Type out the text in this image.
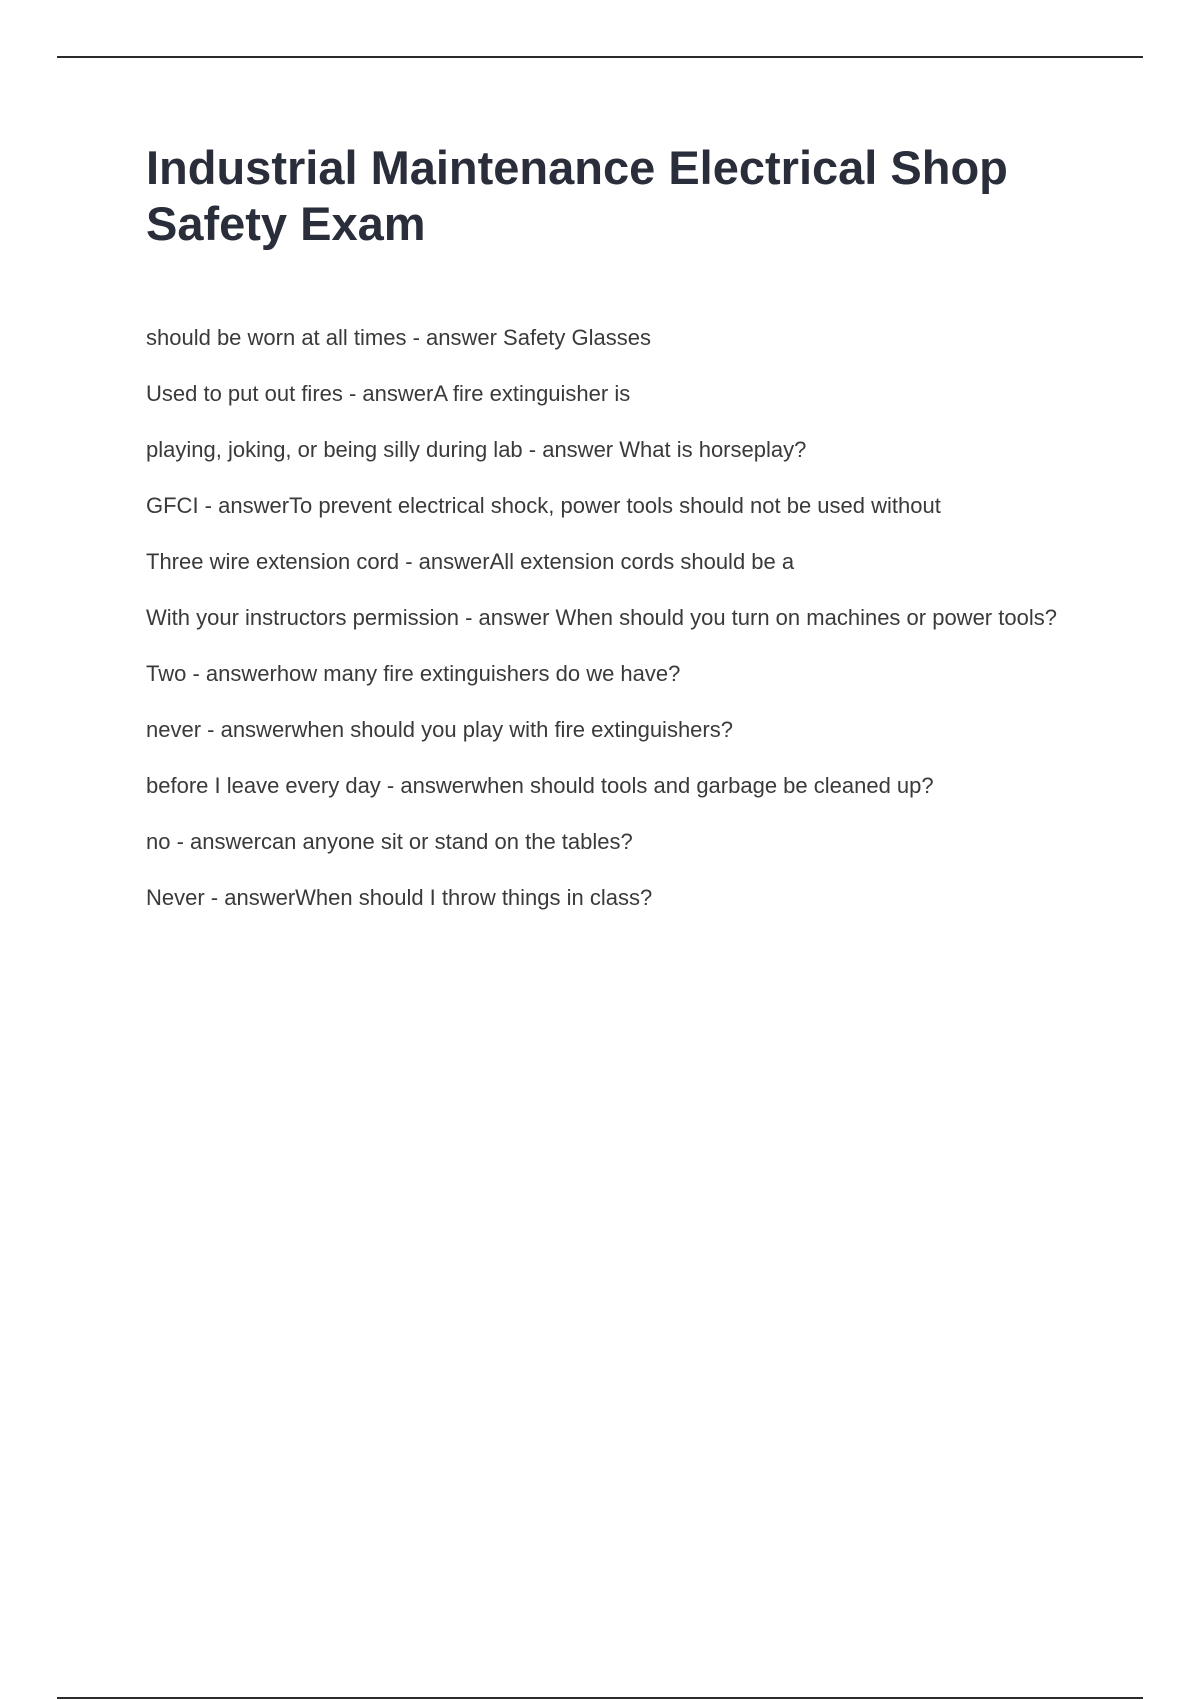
Industrial Maintenance Electrical Shop Safety Exam
should be worn at all times - answer Safety Glasses
Used to put out fires - answerA fire extinguisher is
playing, joking, or being silly during lab - answer What is horseplay?
GFCI - answerTo prevent electrical shock, power tools should not be used without
Three wire extension cord - answerAll extension cords should be a
With your instructors permission - answer When should you turn on machines or power tools?
Two - answerhow many fire extinguishers do we have?
never - answerwhen should you play with fire extinguishers?
before I leave every day - answerwhen should tools and garbage be cleaned up?
no - answercan anyone sit or stand on the tables?
Never - answerWhen should I throw things in class?
